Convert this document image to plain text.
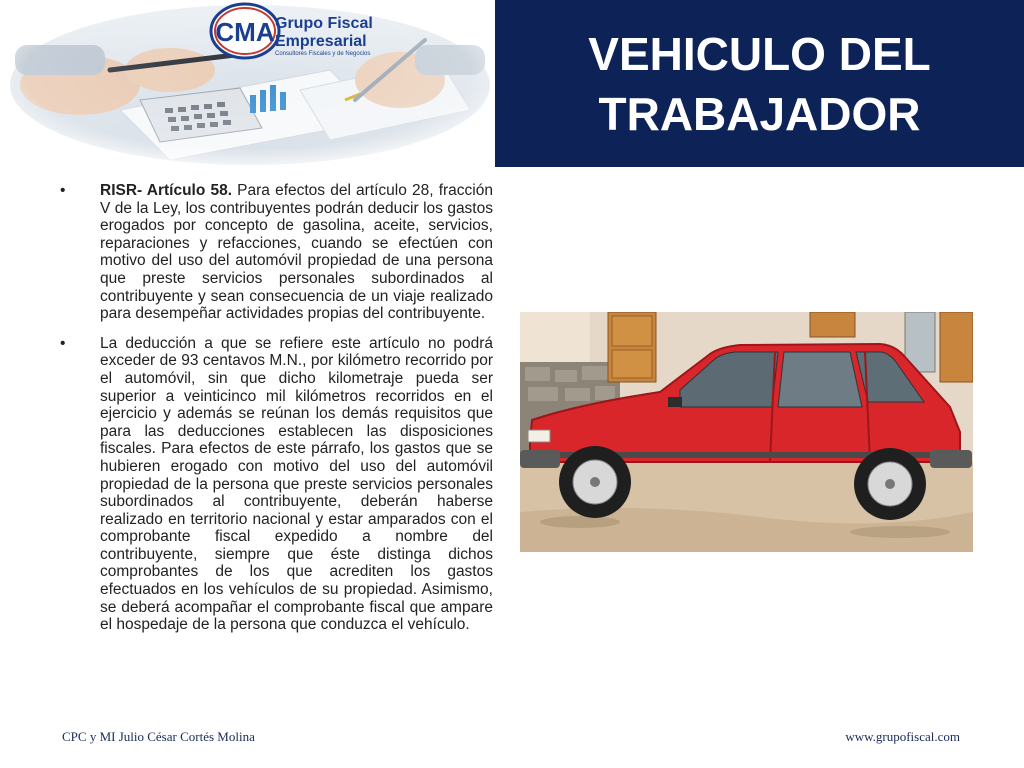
CMA Grupo Fiscal
Empresarial
Consultores Fiscales y de Negocios	VEHICULO DEL TRABAJADOR

• RISR- Artículo 58. Para efectos del artículo 28, fracción V de la Ley, los contribuyentes podrán deducir los gastos erogados por concepto de gasolina, aceite, servicios, reparaciones y refacciones, cuando se efectúen con motivo del uso del automóvil propiedad de una persona que preste servicios personales subordinados al contribuyente y sean consecuencia de un viaje realizado para desempeñar actividades propias del contribuyente.

• La deducción a que se refiere este artículo no podrá exceder de 93 centavos M.N., por kilómetro recorrido por el automóvil, sin que dicho kilometraje pueda ser superior a veinticinco mil kilómetros recorridos en el ejercicio y además se reúnan los demás requisitos que para las deducciones establecen las disposiciones fiscales. Para efectos de este párrafo, los gastos que se hubieren erogado con motivo del uso del automóvil propiedad de la persona que preste servicios personales subordinados al contribuyente, deberán haberse realizado en territorio nacional y estar amparados con el comprobante fiscal expedido a nombre del contribuyente, siempre que éste distinga dichos comprobantes de los que acrediten los gastos efectuados en los vehículos de su propiedad. Asimismo, se deberá acompañar el comprobante fiscal que ampare el hospedaje de la persona que conduzca el vehículo.

CPC y MI Julio César Cortés Molina	www.grupofiscal.com
